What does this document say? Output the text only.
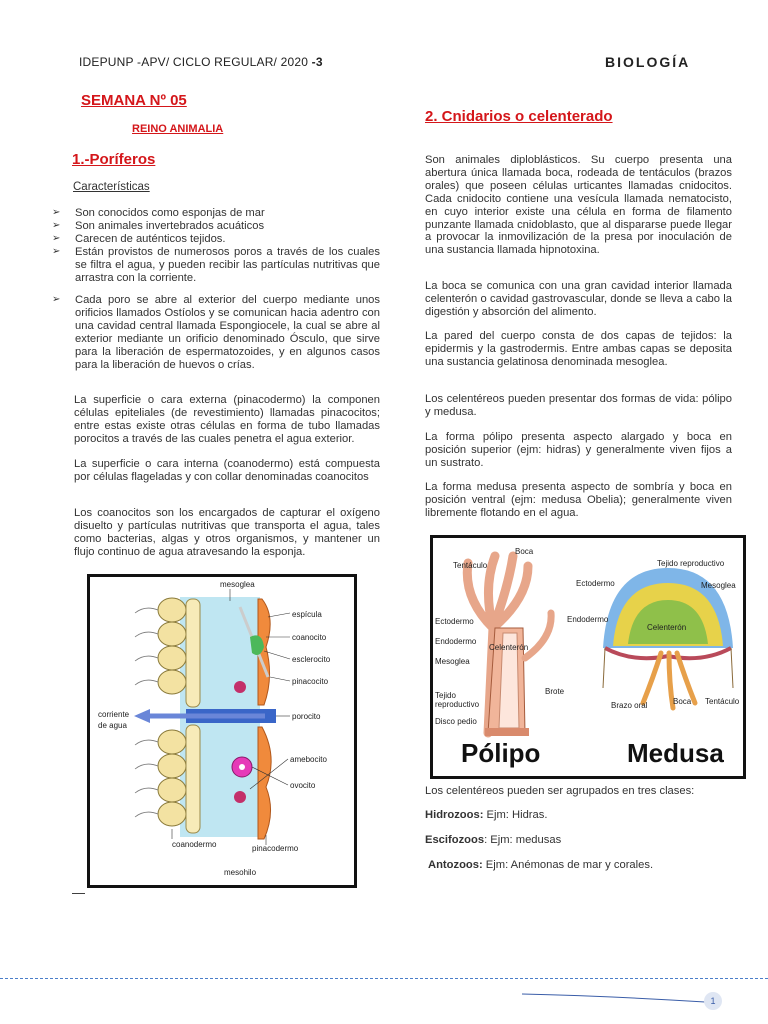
IDEPUNP -APV/ CICLO REGULAR/ 2020 -3	BIOLOGÍA
SEMANA Nº 05
REINO ANIMALIA
1.-Poríferos
Características
➢ Son conocidos como esponjas de mar
➢ Son animales invertebrados acuáticos
➢ Carecen de auténticos tejidos.
➢ Están provistos de numerosos poros a través de los cuales se filtra el agua, y pueden recibir las partículas nutritivas que arrastra con la corriente.
➢ Cada poro se abre al exterior del cuerpo mediante unos orificios llamados Ostíolos y se comunican hacia adentro con una cavidad central llamada Espongiocele, la cual se abre al exterior mediante un orificio denominado Ósculo, que sirve para la liberación de espermatozoides, y en algunos casos para la liberación de huevos o crías.
La superficie o cara externa (pinacodermo) la componen células epiteliales (de revestimiento) llamadas pinacocitos; entre estas existe otras células en forma de tubo llamadas porocitos a través de las cuales penetra el agua exterior.
La superficie o cara interna (coanodermo) está compuesta por células flageladas y con collar denominadas coanocitos
Los coanocitos son los encargados de capturar el oxígeno disuelto y partículas nutritivas que transporta el agua, tales como bacterias, algas y otros organismos, y mantener un flujo continuo de agua atravesando la esponja.
mesoglea
espícula
coanocito
esclerocito
pinacocito
corriente
de agua
porocito
amebocito
ovocito
coanodermo	pinacodermo
mesohilo
—
2. Cnidarios o celenterado
Son animales diploblásticos. Su cuerpo presenta una abertura única llamada boca, rodeada de tentáculos (brazos orales) que poseen células urticantes llamadas cnidocitos. Cada cnidocito contiene una vesícula llamada nematocisto, en cuyo interior existe una célula en forma de filamento punzante llamada cnidoblasto, que al dispararse puede llegar a provocar la inmovilización de la presa por inoculación de una sustancia llamada hipnotoxina.
La boca se comunica con una gran cavidad interior llamada celenterón o cavidad gastrovascular, donde se lleva a cabo la digestión y absorción del alimento.
La pared del cuerpo consta de dos capas de tejidos: la epidermis y la gastrodermis. Entre ambas capas se deposita una sustancia gelatinosa denominada mesoglea.
Los celentéreos pueden presentar dos formas de vida: pólipo y medusa.
La forma pólipo presenta aspecto alargado y boca en posición superior (ejm: hidras) y generalmente viven fijos a un sustrato.
La forma medusa presenta aspecto de sombría y boca en posición ventral (ejm: medusa Obelia); generalmente viven libremente flotando en el agua.
Tentáculo
Boca
Ectodermo
Endodermo
Mesoglea
Celenterón
Tejido
reproductivo
Disco pedio
Brote
Tejido reproductivo
Ectodermo	Mesoglea
Celenterón
Endodermo
Brazo oral	Boca Tentáculo
Pólipo	Medusa
Los celentéreos pueden ser agrupados en tres clases:
Hidrozoos: Ejm: Hidras.
Escifozoos: Ejm: medusas
Antozoos: Ejm: Anémonas de mar y corales.
1
